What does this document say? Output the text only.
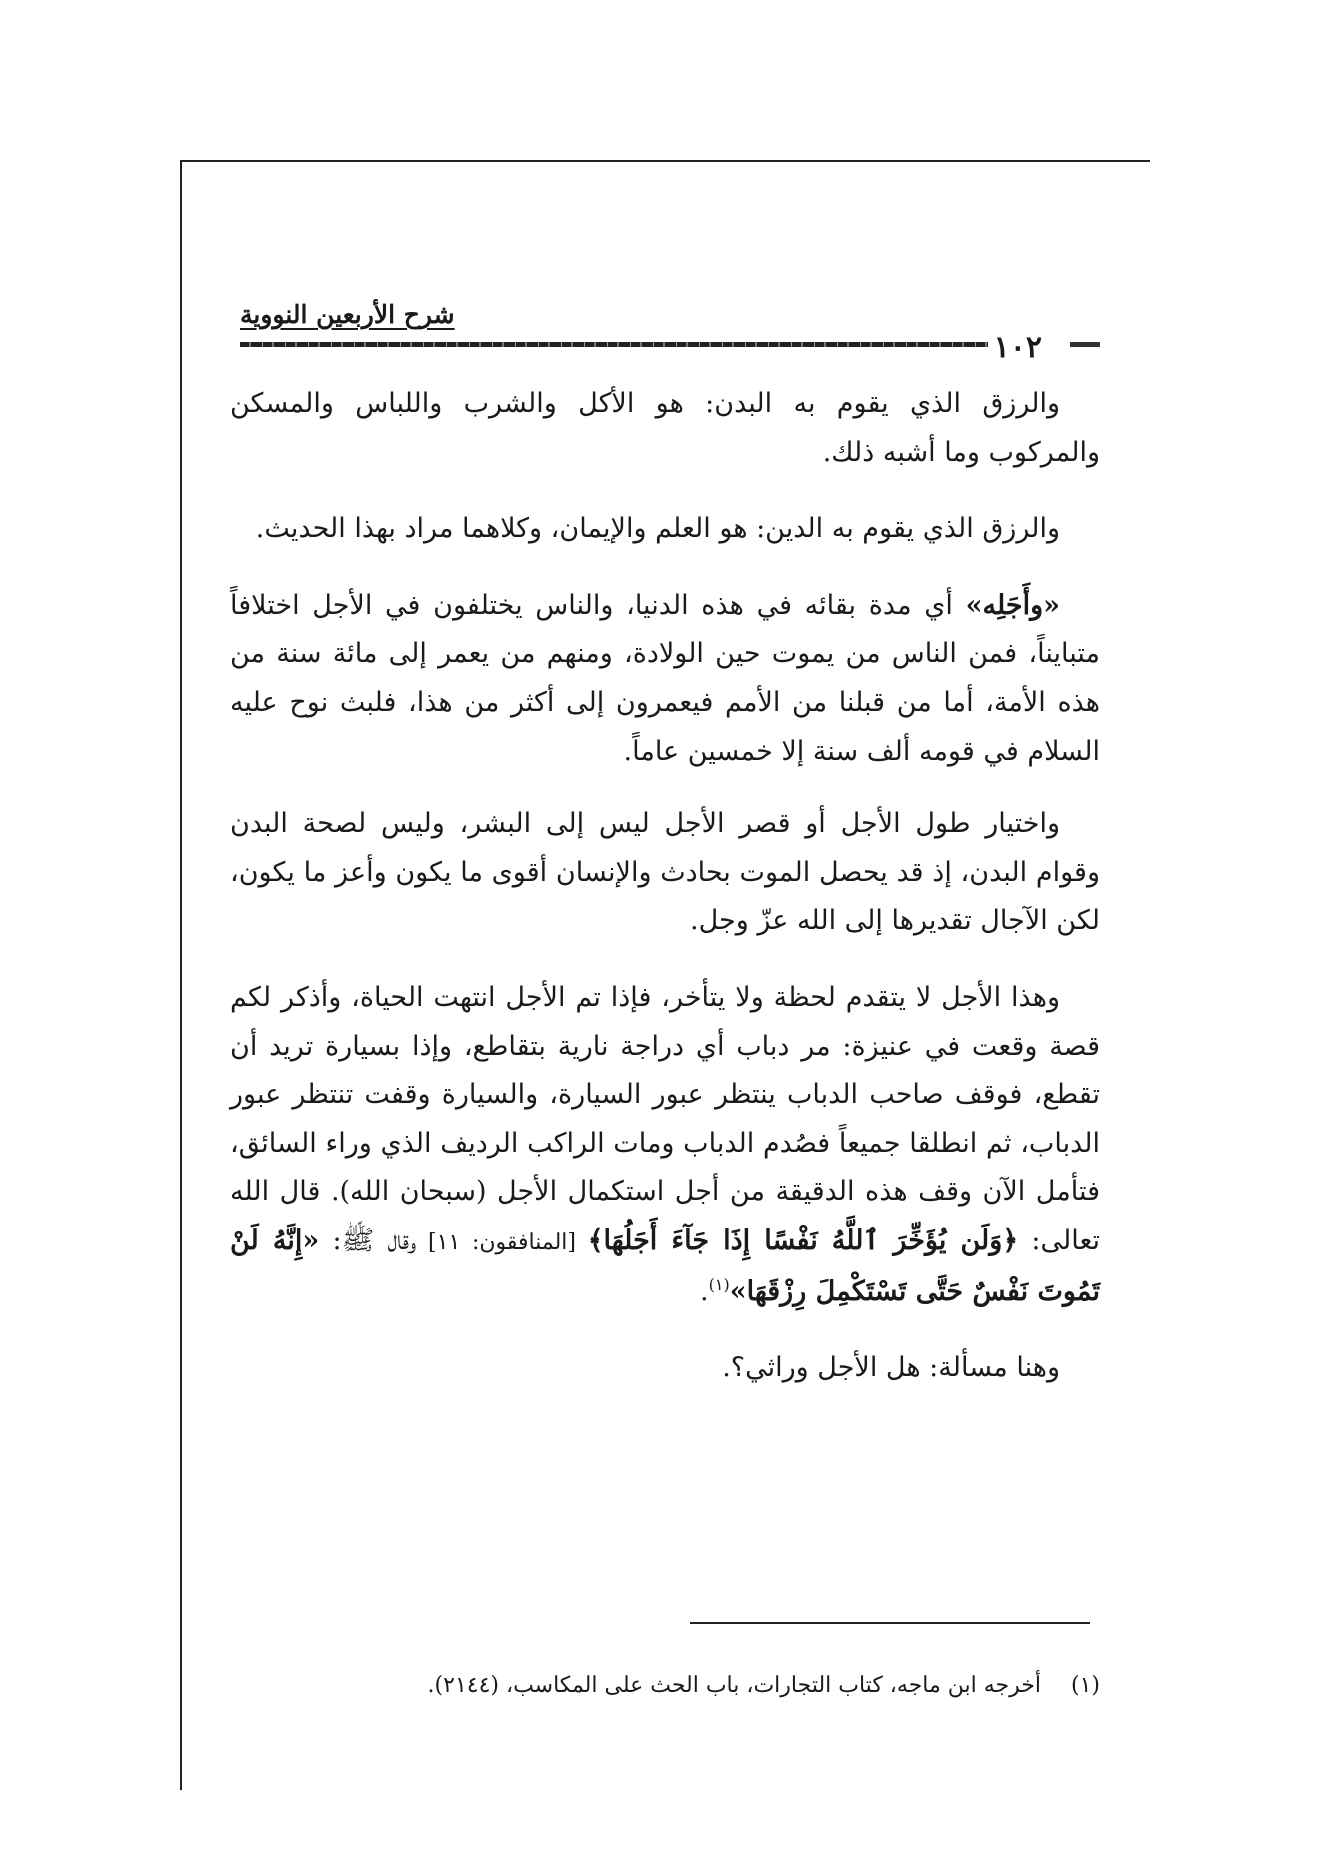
شرح الأربعين النووية
١٠٢

والرزق الذي يقوم به البدن: هو الأكل والشرب واللباس والمسكن والمركوب وما أشبه ذلك.

والرزق الذي يقوم به الدين: هو العلم والإيمان، وكلاهما مراد بهذا الحديث.

«وأَجَلِه» أي مدة بقائه في هذه الدنيا، والناس يختلفون في الأجل اختلافاً متبايناً، فمن الناس من يموت حين الولادة، ومنهم من يعمر إلى مائة سنة من هذه الأمة، أما من قبلنا من الأمم فيعمرون إلى أكثر من هذا، فلبث نوح عليه السلام في قومه ألف سنة إلا خمسين عاماً.

واختيار طول الأجل أو قصر الأجل ليس إلى البشر، وليس لصحة البدن وقوام البدن، إذ قد يحصل الموت بحادث والإنسان أقوى ما يكون وأعز ما يكون، لكن الآجال تقديرها إلى الله عزّ وجل.

وهذا الأجل لا يتقدم لحظة ولا يتأخر، فإذا تم الأجل انتهت الحياة، وأذكر لكم قصة وقعت في عنيزة: مر دباب أي دراجة نارية بتقاطع، وإذا بسيارة تريد أن تقطع، فوقف صاحب الدباب ينتظر عبور السيارة، والسيارة وقفت تنتظر عبور الدباب، ثم انطلقا جميعاً فصُدم الدباب ومات الراكب الرديف الذي وراء السائق، فتأمل الآن وقف هذه الدقيقة من أجل استكمال الأجل (سبحان الله). قال الله تعالى: ﴿وَلَن يُؤَخِّرَ ٱللَّهُ نَفْسًا إِذَا جَآءَ أَجَلُهَا﴾ [المنافقون: ١١] وقال ﷺ: «إِنَّهُ لَنْ تَمُوتَ نَفْسٌ حَتَّى تَسْتَكْمِلَ رِزْقَهَا»$^{(١)}$.

وهنا مسألة: هل الأجل وراثي؟.

(١)أخرجه ابن ماجه، كتاب التجارات، باب الحث على المكاسب، (٢١٤٤).
